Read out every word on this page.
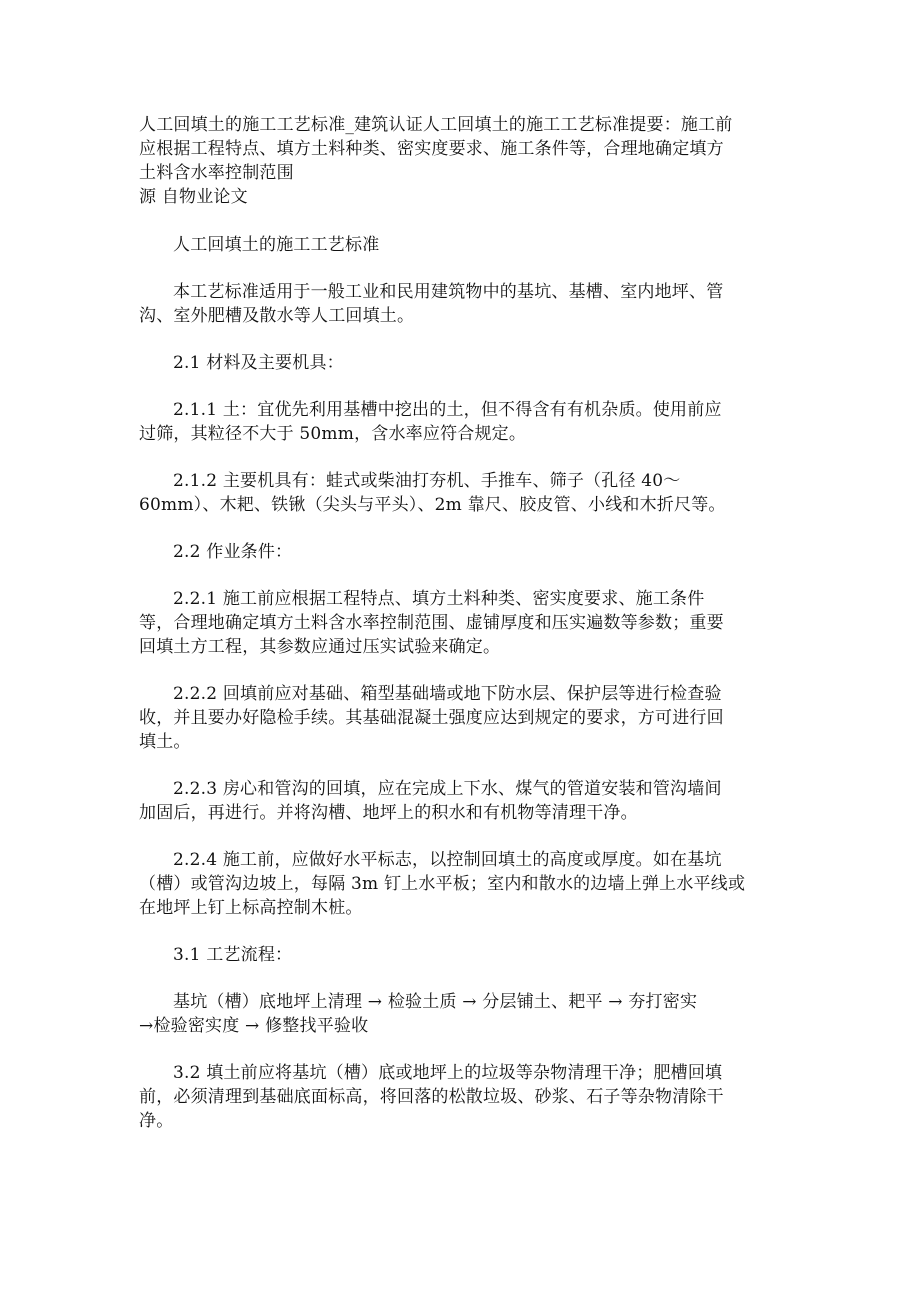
人工回填土的施工工艺标准_建筑认证人工回填土的施工工艺标准提要：施工前
应根据工程特点、填方土料种类、密实度要求、施工条件等，合理地确定填方
土料含水率控制范围
源 自物业论文
人工回填土的施工工艺标准
本工艺标准适用于一般工业和民用建筑物中的基坑、基槽、室内地坪、管
沟、室外肥槽及散水等人工回填土。
2.1 材料及主要机具：
2.1.1 土：宜优先利用基槽中挖出的土，但不得含有有机杂质。使用前应
过筛，其粒径不大于 50mm，含水率应符合规定。
2.1.2 主要机具有：蛙式或柴油打夯机、手推车、筛子（孔径 40～
60mm）、木耙、铁锹（尖头与平头）、2m 靠尺、胶皮管、小线和木折尺等。
2.2 作业条件：
2.2.1 施工前应根据工程特点、填方土料种类、密实度要求、施工条件
等，合理地确定填方土料含水率控制范围、虚铺厚度和压实遍数等参数；重要
回填土方工程，其参数应通过压实试验来确定。
2.2.2 回填前应对基础、箱型基础墙或地下防水层、保护层等进行检查验
收，并且要办好隐检手续。其基础混凝土强度应达到规定的要求，方可进行回
填土。
2.2.3 房心和管沟的回填，应在完成上下水、煤气的管道安装和管沟墙间
加固后，再进行。并将沟槽、地坪上的积水和有机物等清理干净。
2.2.4 施工前，应做好水平标志，以控制回填土的高度或厚度。如在基坑
（槽）或管沟边坡上，每隔 3m 钉上水平板；室内和散水的边墙上弹上水平线或
在地坪上钉上标高控制木桩。
3.1 工艺流程：
基坑（槽）底地坪上清理 → 检验土质 → 分层铺土、耙平 → 夯打密实
→检验密实度 → 修整找平验收
3.2 填土前应将基坑（槽）底或地坪上的垃圾等杂物清理干净；肥槽回填
前，必须清理到基础底面标高，将回落的松散垃圾、砂浆、石子等杂物清除干
净。
